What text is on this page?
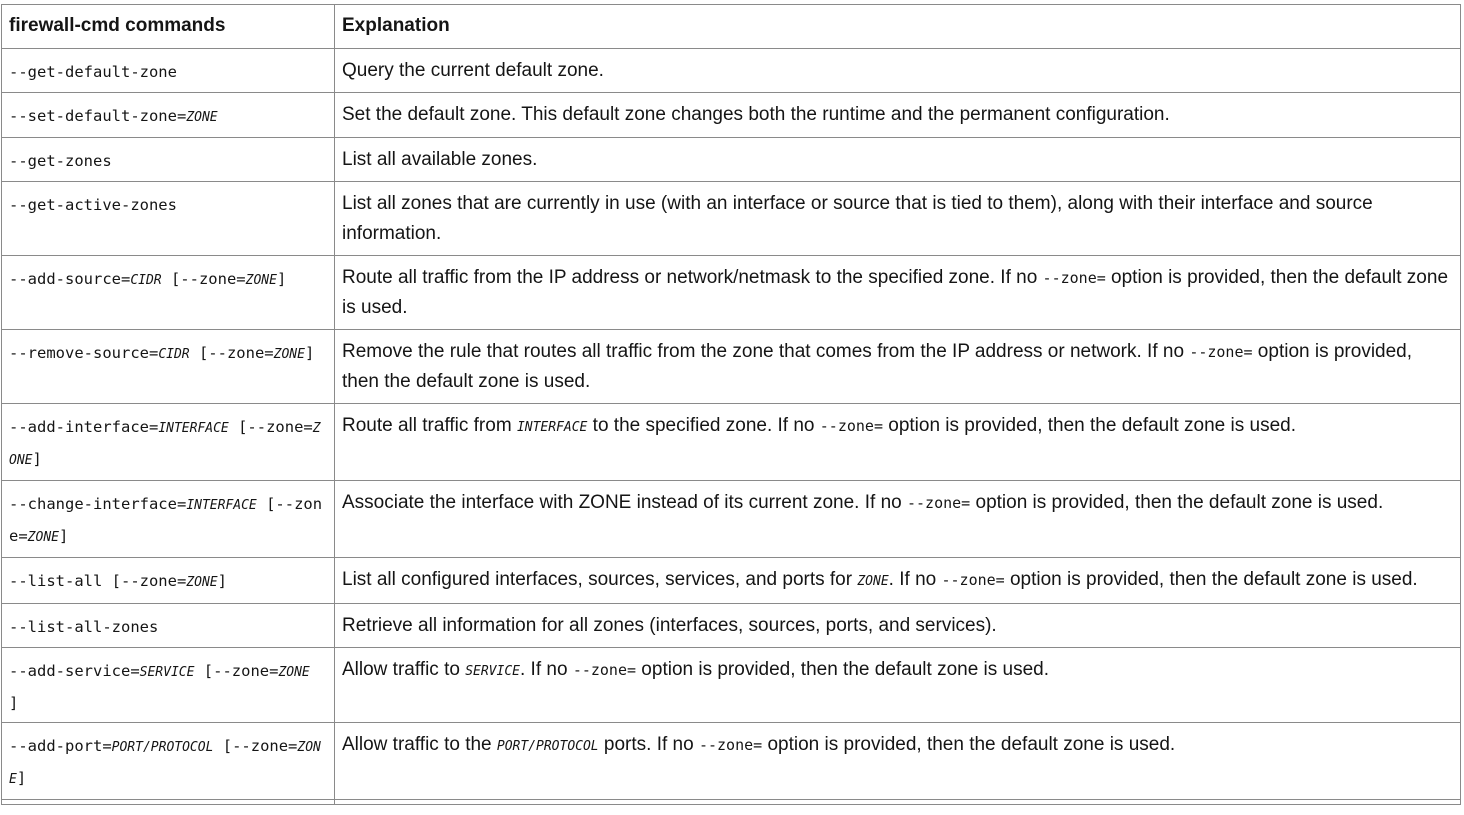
firewall-cmd commands	Explanation
--get-default-zone	Query the current default zone.
--set-default-zone=ZONE	Set the default zone. This default zone changes both the runtime and the permanent configuration.
--get-zones	List all available zones.
--get-active-zones	List all zones that are currently in use (with an interface or source that is tied to them), along with their interface and source information.
--add-source=CIDR [--zone=ZONE]	Route all traffic from the IP address or network/netmask to the specified zone. If no --zone= option is provided, then the default zone is used.
--remove-source=CIDR [--zone=ZONE]	Remove the rule that routes all traffic from the zone that comes from the IP address or network. If no --zone= option is provided, then the default zone is used.
--add-interface=INTERFACE [--zone=ZONE]	Route all traffic from INTERFACE to the specified zone. If no --zone= option is provided, then the default zone is used.
--change-interface=INTERFACE [--zone=ZONE]	Associate the interface with ZONE instead of its current zone. If no --zone= option is provided, then the default zone is used.
--list-all [--zone=ZONE]	List all configured interfaces, sources, services, and ports for ZONE. If no --zone= option is provided, then the default zone is used.
--list-all-zones	Retrieve all information for all zones (interfaces, sources, ports, and services).
--add-service=SERVICE [--zone=ZONE ]	Allow traffic to SERVICE. If no --zone= option is provided, then the default zone is used.
--add-port=PORT/PROTOCOL [--zone=ZONE]	Allow traffic to the PORT/PROTOCOL ports. If no --zone= option is provided, then the default zone is used.
